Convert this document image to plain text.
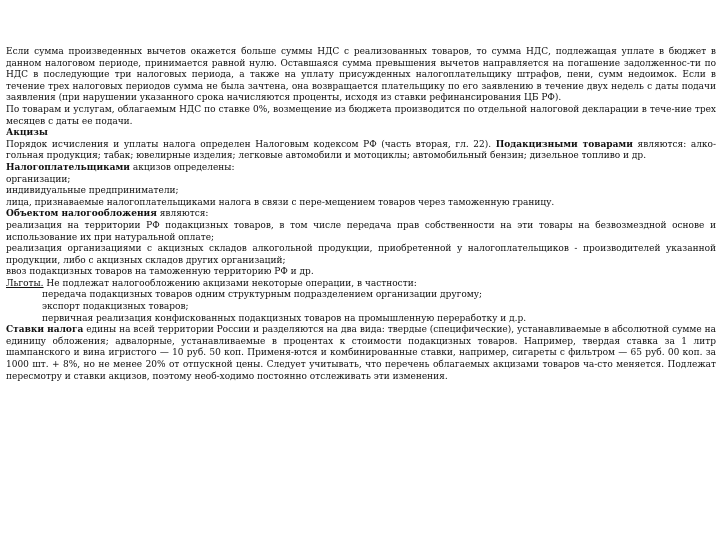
Если сумма произведенных вычетов окажется больше суммы НДС с реализованных товаров, то сумма НДС, подлежащая уплате в бюджет в данном налоговом периоде, принимается равной нулю. Оставшаяся сумма превышения вычетов направляется на погашение задолженнос-ти по НДС в последующие три налоговых периода, а также на уплату присужденных налогоплательщику штрафов, пени, сумм недоимок. Если в течение трех налоговых периодов сумма не была зачтена, она возвращается плательщику по его заявлению в течение двух недель с даты подачи заявления (при нарушении указанного срока начисляются проценты, исходя из ставки рефинансирования ЦБ РФ).

По товарам и услугам, облагаемым НДС по ставке 0%, возмещение из бюджета производится по отдельной налоговой декларации в тече-ние трех месяцев с даты ее подачи.

Акцизы

Порядок исчисления и уплаты налога определен Налоговым кодексом РФ (часть вторая, гл. 22). Подакцизными товарами являются: алко-гольная продукция; табак; ювелирные изделия; легковые автомобили и мотоциклы; автомобильный бензин; дизельное топливо и др.

Налогоплательщиками акцизов определены:

организации;

индивидуальные предприниматели;

лица, признаваемые налогоплательщиками налога в связи с пере-мещением товаров через таможенную границу.

Объектом налогообложения являются:

реализация на территории РФ подакцизных товаров, в том числе передача прав собственности на эти товары на безвозмездной основе и использование их при натуральной оплате;

реализация организациями с акцизных складов алкогольной продукции, приобретенной у налогоплательщиков - производителей указанной продукции, либо с акцизных складов других организаций;

ввоз подакцизных товаров на таможенную территорию РФ и др.

Льготы. Не подлежат налогообложению акцизами некоторые операции, в частности:

передача подакцизных товаров одним структурным подразделением организации другому;

экспорт подакцизных товаров;

первичная реализация конфискованных подакцизных товаров на промышленную переработку и д.р.

Ставки налога едины на всей территории России и разделяются на два вида: твердые (специфические), устанавливаемые в абсолютной сумме на единицу обложения; адвалорные, устанавливаемые в процентах к стоимости подакцизных товаров. Например, твердая ставка за 1 литр шампанского и вина игристого — 10 руб. 50 коп. Применя-ются и комбинированные ставки, например, сигареты с фильтром — 65 руб. 00 коп. за 1000 шт. + 8%, но не менее 20% от отпускной цены. Следует учитывать, что перечень облагаемых акцизами товаров ча-сто меняется. Подлежат пересмотру и ставки акцизов, поэтому необ-ходимо постоянно отслеживать эти изменения.
